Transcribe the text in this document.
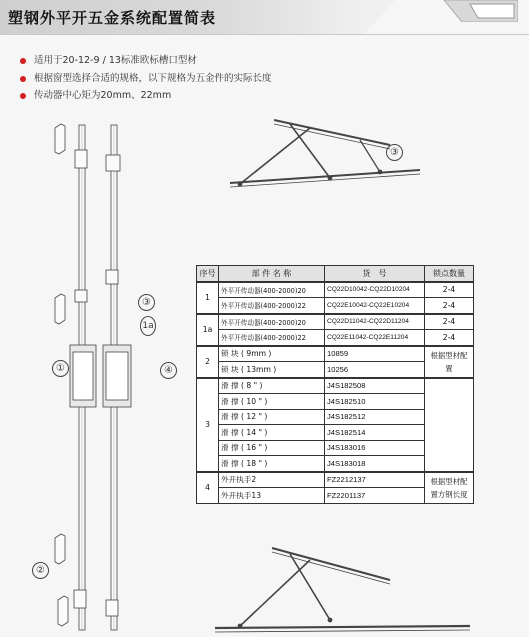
塑钢外平开五金系统配置简表
适用于20-12-9 / 13标准欧标槽口型材
根据窗型选择合适的规格，以下规格为五金件的实际长度
传动器中心矩为20mm、22mm
③
③
1a
④
①
②
序号	部 件 名 称	货　号	锁点数量
1	外平开传动器(400-2000)20	CQ22D10042-CQ22D10204	2-4
	外平开传动器(400-2000)22	CQ22E10042-CQ22E10204	2-4
1a	外平开传动器(400-2000)20	CQ22D11042-CQ22D11204	2-4
	外平开传动器(400-2000)22	CQ22E11042-CQ22E11204	2-4
2	锁 块 ( 9mm )	10859	根据型材配置
	锁 块 ( 13mm )	10256	
3	滑 撑 ( 8 " )	J4S182508	
	滑 撑 ( 10 " )	J4S182510	
	滑 撑 ( 12 " )	J4S182512	
	滑 撑 ( 14 " )	J4S182514	
	滑 撑 ( 16 " )	J4S183016	
	滑 撑 ( 18 " )	J4S183018	
4	外开执手2	FZ2212137	根据型材配置方钢长度
	外开执手13	FZ2201137	
